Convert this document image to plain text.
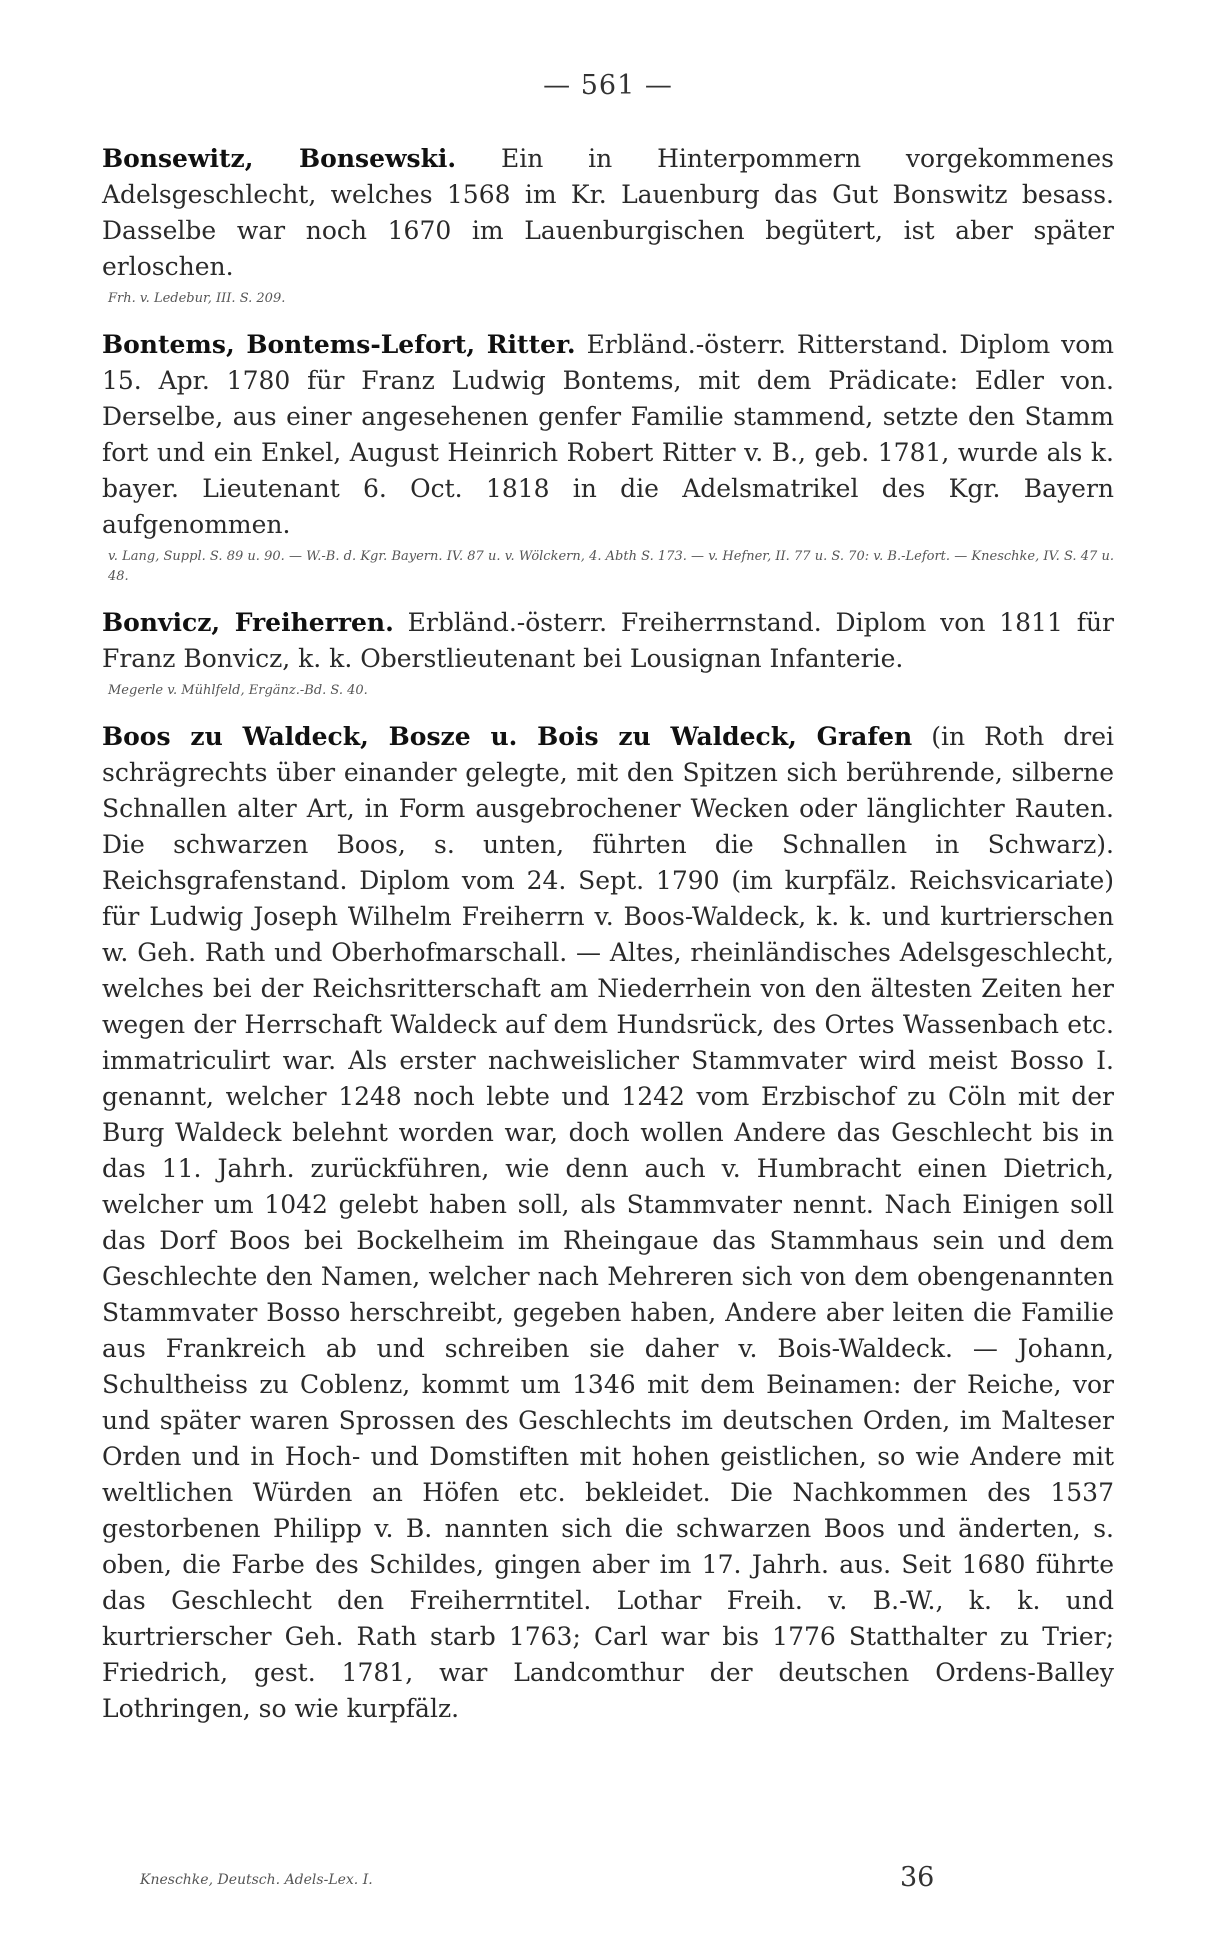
— 561 —

Bonsewitz, Bonsewski. Ein in Hinterpommern vorgekommenes Adelsgeschlecht, welches 1568 im Kr. Lauenburg das Gut Bonswitz besass. Dasselbe war noch 1670 im Lauenburgischen begütert, ist aber später erloschen.

Frh. v. Ledebur, III. S. 209.

Bontems, Bontems-Lefort, Ritter. Erbländ.-österr. Ritterstand. Diplom vom 15. Apr. 1780 für Franz Ludwig Bontems, mit dem Prädicate: Edler von. Derselbe, aus einer angesehenen genfer Familie stammend, setzte den Stamm fort und ein Enkel, August Heinrich Robert Ritter v. B., geb. 1781, wurde als k. bayer. Lieutenant 6. Oct. 1818 in die Adelsmatrikel des Kgr. Bayern aufgenommen.

v. Lang, Suppl. S. 89 u. 90. — W.-B. d. Kgr. Bayern. IV. 87 u. v. Wölckern, 4. Abth S. 173. — v. Hefner, II. 77 u. S. 70: v. B.-Lefort. — Kneschke, IV. S. 47 u. 48.

Bonvicz, Freiherren. Erbländ.-österr. Freiherrnstand. Diplom von 1811 für Franz Bonvicz, k. k. Oberstlieutenant bei Lousignan Infanterie.

Megerle v. Mühlfeld, Ergänz.-Bd. S. 40.

Boos zu Waldeck, Bosze u. Bois zu Waldeck, Grafen (in Roth drei schrägrechts über einander gelegte, mit den Spitzen sich berührende, silberne Schnallen alter Art, in Form ausgebrochener Wecken oder länglichter Rauten. Die schwarzen Boos, s. unten, führten die Schnallen in Schwarz). Reichsgrafenstand. Diplom vom 24. Sept. 1790 (im kurpfälz. Reichsvicariate) für Ludwig Joseph Wilhelm Freiherrn v. Boos-Waldeck, k. k. und kurtrierschen w. Geh. Rath und Oberhofmarschall. — Altes, rheinländisches Adelsgeschlecht, welches bei der Reichsritterschaft am Niederrhein von den ältesten Zeiten her wegen der Herrschaft Waldeck auf dem Hundsrück, des Ortes Wassenbach etc. immatriculirt war. Als erster nachweislicher Stammvater wird meist Bosso I. genannt, welcher 1248 noch lebte und 1242 vom Erzbischof zu Cöln mit der Burg Waldeck belehnt worden war, doch wollen Andere das Geschlecht bis in das 11. Jahrh. zurückführen, wie denn auch v. Humbracht einen Dietrich, welcher um 1042 gelebt haben soll, als Stammvater nennt. Nach Einigen soll das Dorf Boos bei Bockelheim im Rheingaue das Stammhaus sein und dem Geschlechte den Namen, welcher nach Mehreren sich von dem obengenannten Stammvater Bosso herschreibt, gegeben haben, Andere aber leiten die Familie aus Frankreich ab und schreiben sie daher v. Bois-Waldeck. — Johann, Schultheiss zu Coblenz, kommt um 1346 mit dem Beinamen: der Reiche, vor und später waren Sprossen des Geschlechts im deutschen Orden, im Malteser Orden und in Hoch- und Domstiften mit hohen geistlichen, so wie Andere mit weltlichen Würden an Höfen etc. bekleidet. Die Nachkommen des 1537 gestorbenen Philipp v. B. nannten sich die schwarzen Boos und änderten, s. oben, die Farbe des Schildes, gingen aber im 17. Jahrh. aus. Seit 1680 führte das Geschlecht den Freiherrntitel. Lothar Freih. v. B.-W., k. k. und kurtrierscher Geh. Rath starb 1763; Carl war bis 1776 Statthalter zu Trier; Friedrich, gest. 1781, war Landcomthur der deutschen Ordens-Balley Lothringen, so wie kurpfälz.

Kneschke, Deutsch. Adels-Lex. I.	36
